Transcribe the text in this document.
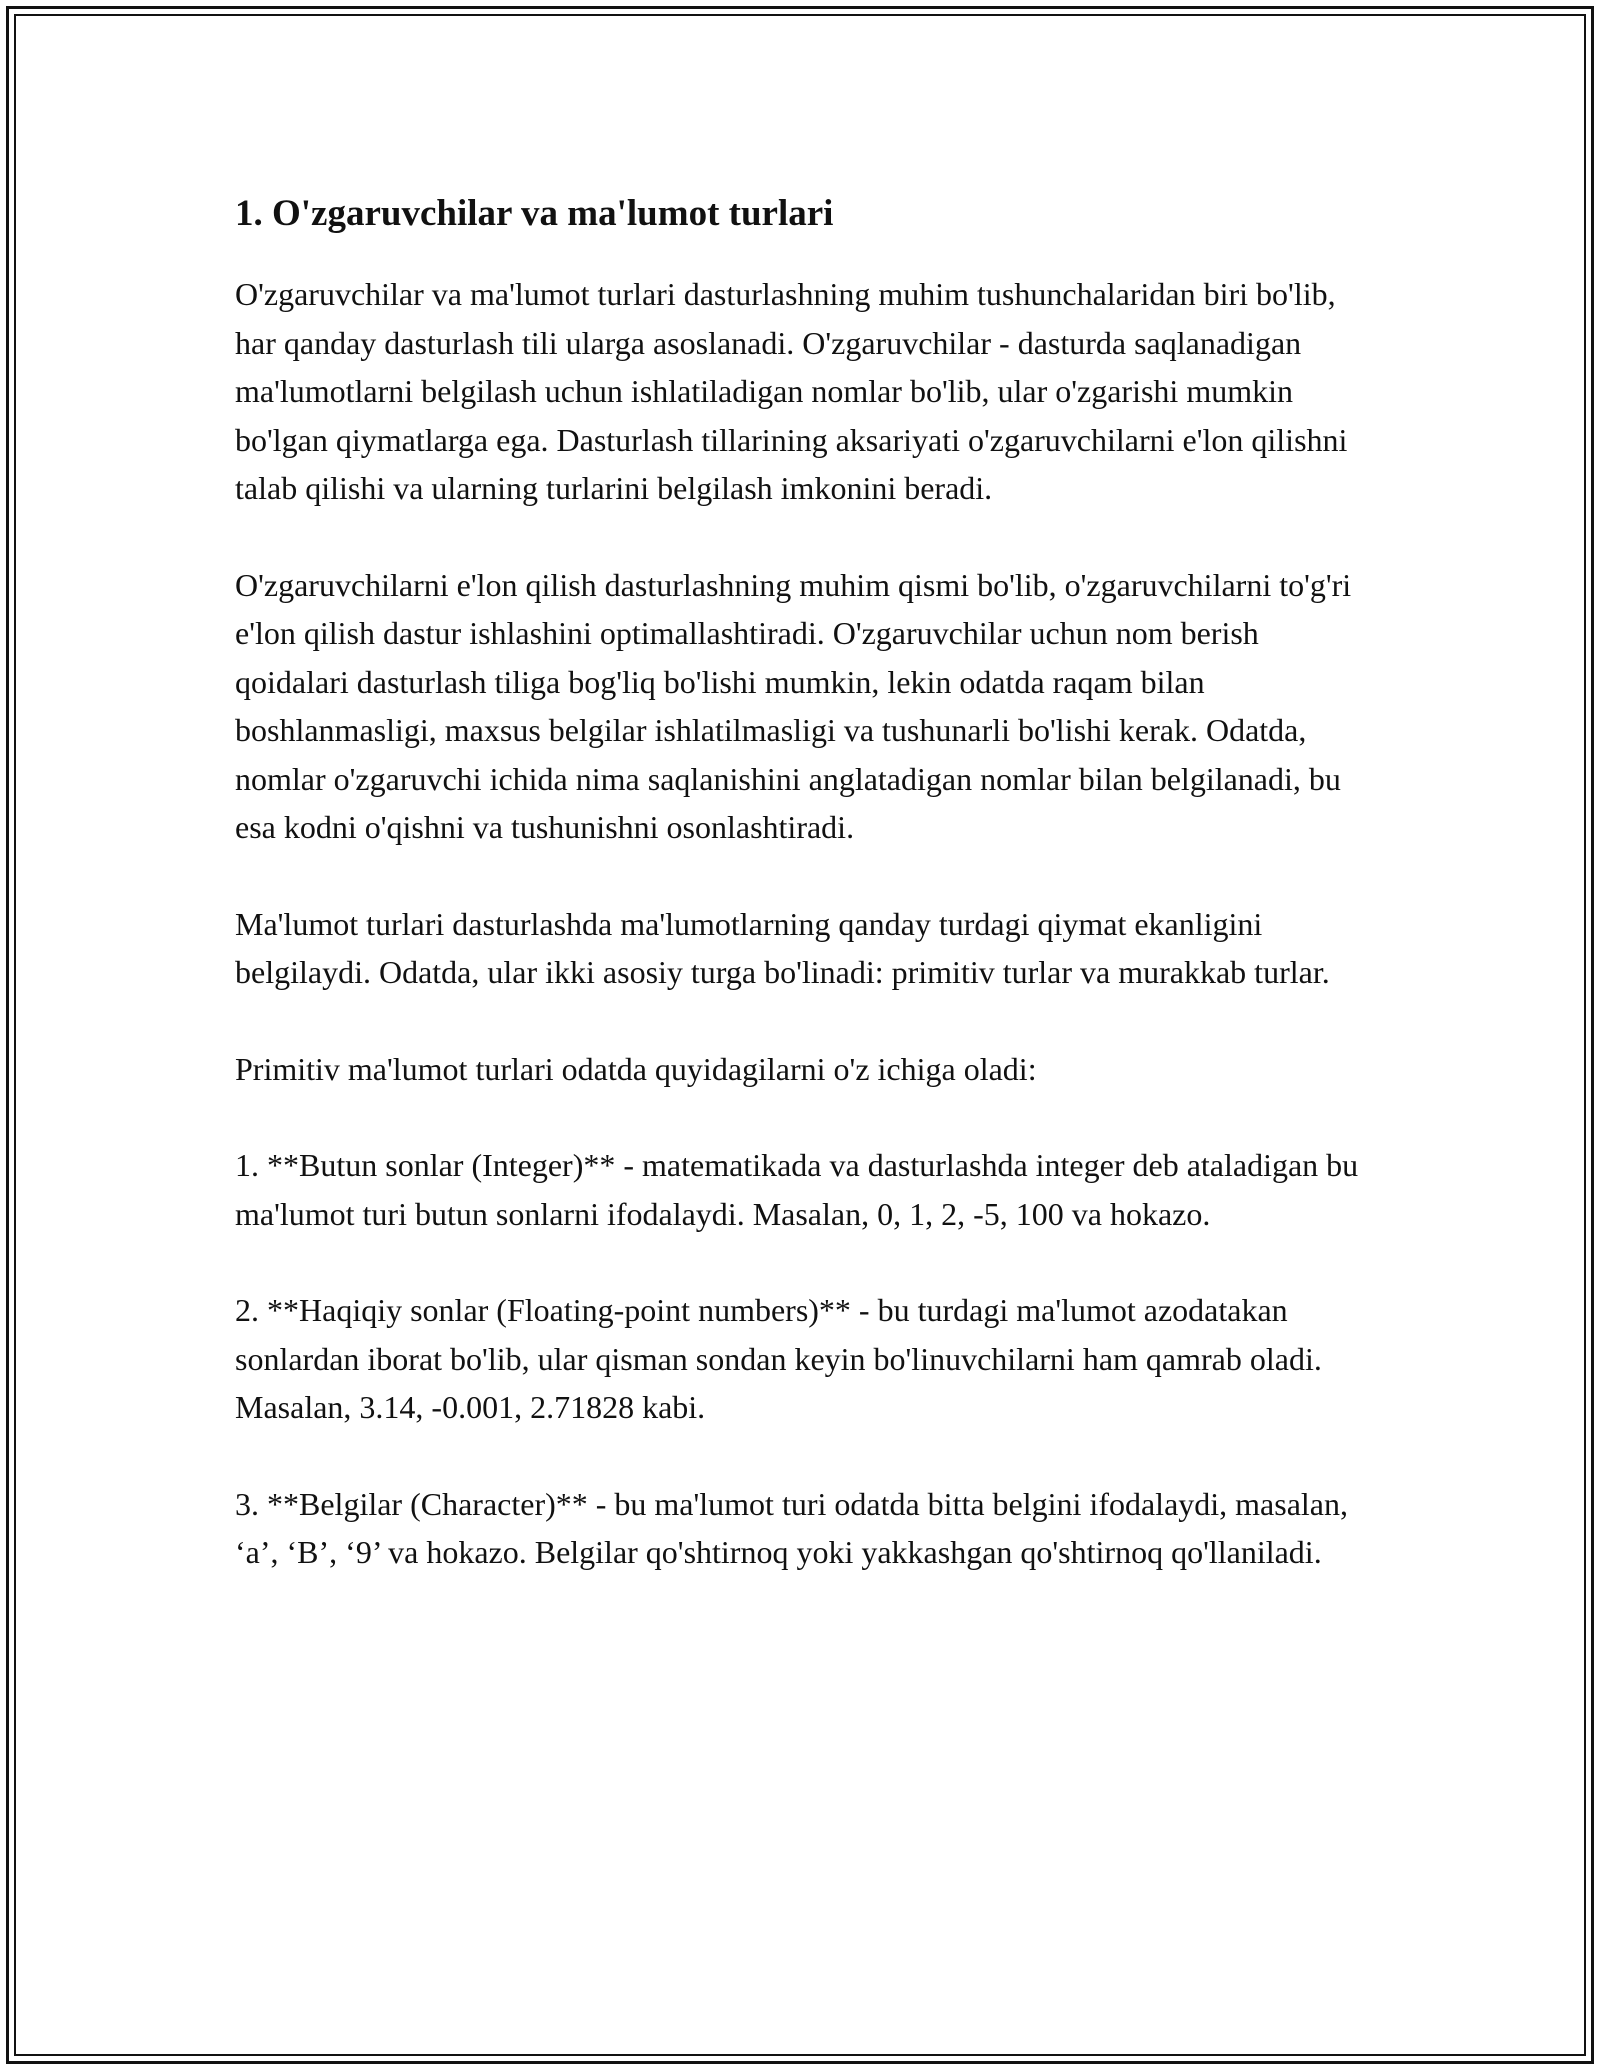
1. O'zgaruvchilar va ma'lumot turlari

O'zgaruvchilar va ma'lumot turlari dasturlashning muhim tushunchalaridan biri bo'lib, har qanday dasturlash tili ularga asoslanadi. O'zgaruvchilar - dasturda saqlanadigan ma'lumotlarni belgilash uchun ishlatiladigan nomlar bo'lib, ular o'zgarishi mumkin bo'lgan qiymatlarga ega. Dasturlash tillarining aksariyati o'zgaruvchilarni e'lon qilishni talab qilishi va ularning turlarini belgilash imkonini beradi.

O'zgaruvchilarni e'lon qilish dasturlashning muhim qismi bo'lib, o'zgaruvchilarni to'g'ri e'lon qilish dastur ishlashini optimallashtiradi. O'zgaruvchilar uchun nom berish qoidalari dasturlash tiliga bog'liq bo'lishi mumkin, lekin odatda raqam bilan boshlanmasligi, maxsus belgilar ishlatilmasligi va tushunarli bo'lishi kerak. Odatda, nomlar o'zgaruvchi ichida nima saqlanishini anglatadigan nomlar bilan belgilanadi, bu esa kodni o'qishni va tushunishni osonlashtiradi.

Ma'lumot turlari dasturlashda ma'lumotlarning qanday turdagi qiymat ekanligini belgilaydi. Odatda, ular ikki asosiy turga bo'linadi: primitiv turlar va murakkab turlar.

Primitiv ma'lumot turlari odatda quyidagilarni o'z ichiga oladi:

1. **Butun sonlar (Integer)** - matematikada va dasturlashda integer deb ataladigan bu ma'lumot turi butun sonlarni ifodalaydi. Masalan, 0, 1, 2, -5, 100 va hokazo.

2. **Haqiqiy sonlar (Floating-point numbers)** - bu turdagi ma'lumot azodatakan sonlardan iborat bo'lib, ular qisman sondan keyin bo'linuvchilarni ham qamrab oladi. Masalan, 3.14, -0.001, 2.71828 kabi.

3. **Belgilar (Character)** - bu ma'lumot turi odatda bitta belgini ifodalaydi, masalan, ‘a’, ‘B’, ‘9’ va hokazo. Belgilar qo'shtirnoq yoki yakkashgan qo'shtirnoq qo'llaniladi.
